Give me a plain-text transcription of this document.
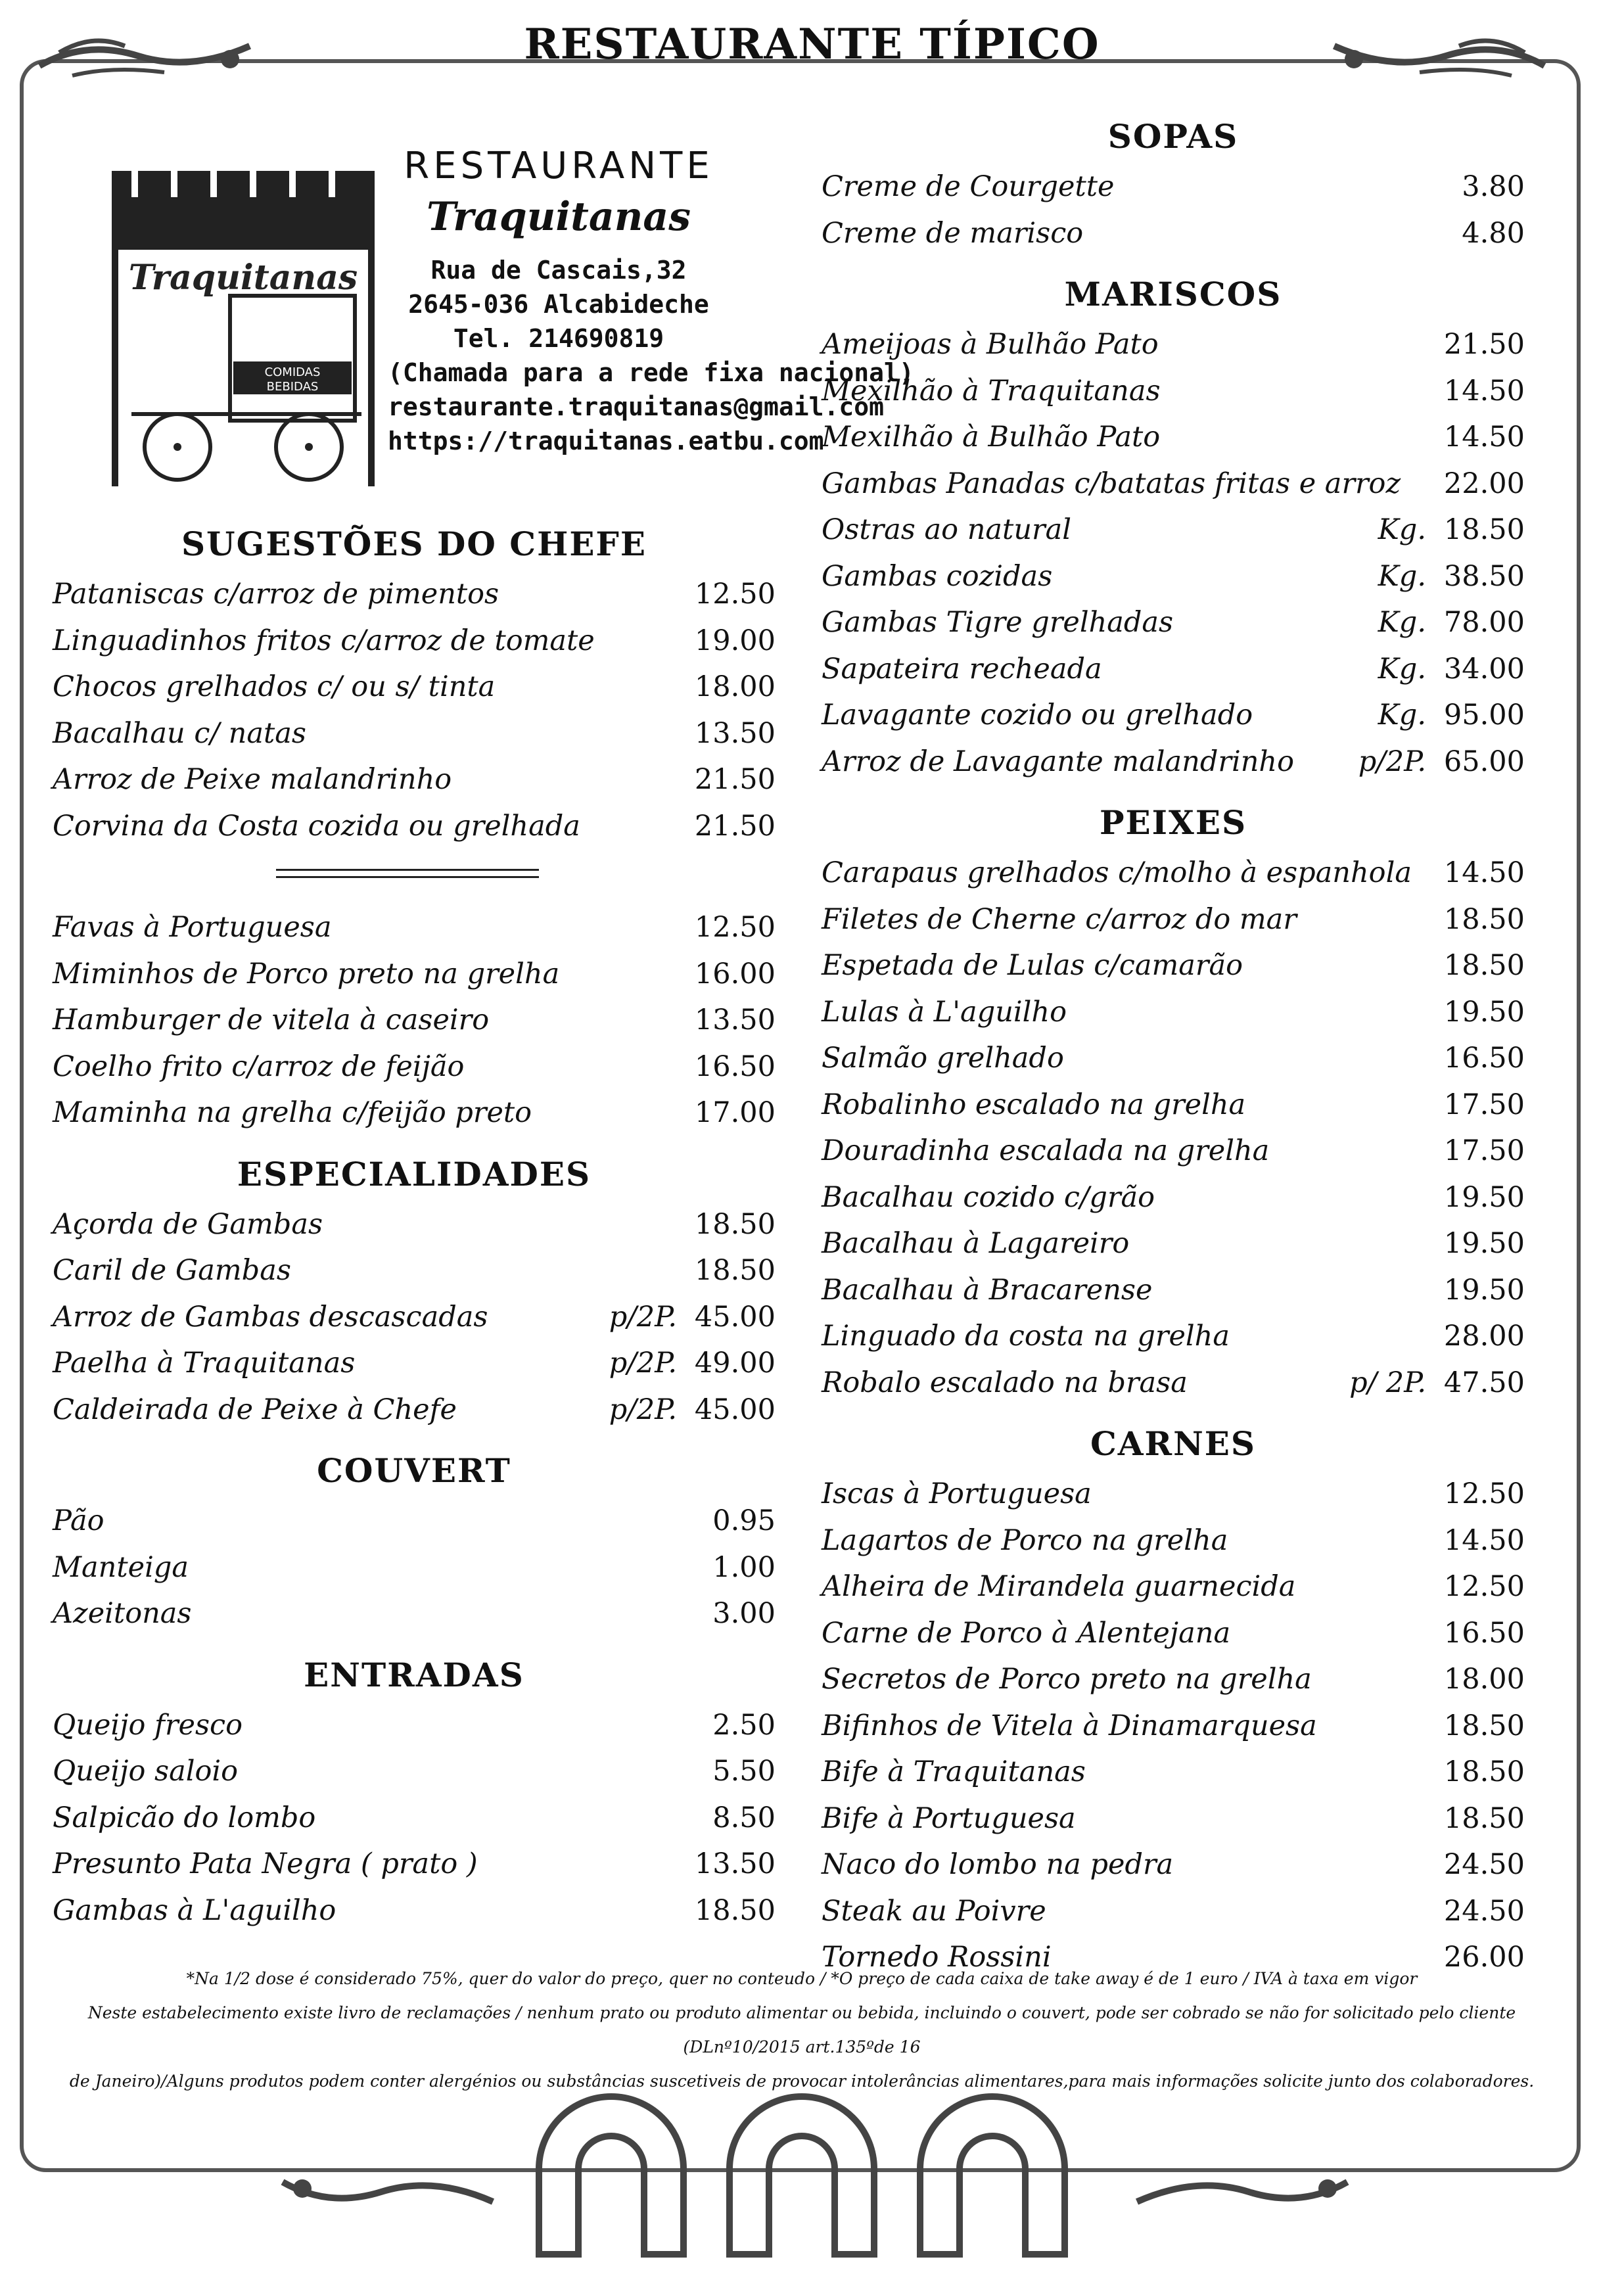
RESTAURANTE TÍPICO
COMIDAS
BEBIDAS
Traquitanas
RESTAURANTE
Traquitanas
Rua de Cascais,32
2645-036 Alcabideche
Tel. 214690819
(Chamada para a rede fixa nacional)
restaurante.traquitanas@gmail.com
https://traquitanas.eatbu.com
SUGESTÕES DO CHEFE
Pataniscas c/arroz de pimentos	12.50
Linguadinhos fritos c/arroz de tomate	19.00
Chocos grelhados c/ ou s/ tinta	18.00
Bacalhau c/ natas	13.50
Arroz de Peixe malandrinho	21.50
Corvina da Costa cozida ou grelhada	21.50
Favas à Portuguesa	12.50
Miminhos de Porco preto na grelha	16.00
Hamburger de vitela à caseiro	13.50
Coelho frito c/arroz de feijão	16.50
Maminha na grelha c/feijão preto	17.00
ESPECIALIDADES
Açorda de Gambas	18.50
Caril de Gambas	18.50
Arroz de Gambas descascadas	p/2P. 45.00
Paelha à Traquitanas	p/2P. 49.00
Caldeirada de Peixe à Chefe	p/2P. 45.00
COUVERT
Pão	0.95
Manteiga	1.00
Azeitonas	3.00
ENTRADAS
Queijo fresco	2.50
Queijo saloio	5.50
Salpicão do lombo	8.50
Presunto Pata Negra ( prato )	13.50
Gambas à L'aguilho	18.50
SOPAS
Creme de Courgette	3.80
Creme de marisco	4.80
MARISCOS
Ameijoas à Bulhão Pato	21.50
Mexilhão à Traquitanas	14.50
Mexilhão à Bulhão Pato	14.50
Gambas Panadas c/batatas fritas e arroz 22.00
Ostras ao natural	Kg. 18.50
Gambas cozidas	Kg. 38.50
Gambas Tigre grelhadas	Kg. 78.00
Sapateira recheada	Kg. 34.00
Lavagante cozido ou grelhado	Kg. 95.00
Arroz de Lavagante malandrinho	p/2P. 65.00
PEIXES
Carapaus grelhados c/molho à espanhola 14.50
Filetes de Cherne c/arroz do mar	18.50
Espetada de Lulas c/camarão	18.50
Lulas à L'aguilho	19.50
Salmão grelhado	16.50
Robalinho escalado na grelha	17.50
Douradinha escalada na grelha	17.50
Bacalhau cozido c/grão	19.50
Bacalhau à Lagareiro	19.50
Bacalhau à Bracarense	19.50
Linguado da costa na grelha	28.00
Robalo escalado na brasa	p/ 2P. 47.50
CARNES
Iscas à Portuguesa	12.50
Lagartos de Porco na grelha	14.50
Alheira de Mirandela guarnecida	12.50
Carne de Porco à Alentejana	16.50
Secretos de Porco preto na grelha	18.00
Bifinhos de Vitela à Dinamarquesa	18.50
Bife à Traquitanas	18.50
Bife à Portuguesa	18.50
Naco do lombo na pedra	24.50
Steak au Poivre	24.50
Tornedo Rossini	26.00
*Na 1/2 dose é considerado 75%, quer do valor do preço, quer no conteudo / *O preço de cada caixa de take away é de 1 euro / IVA à taxa em vigor
Neste estabelecimento existe livro de reclamações / nenhum prato ou produto alimentar ou bebida, incluindo o couvert, pode ser cobrado se não for solicitado pelo cliente (DLnº10/2015 art.135ºde 16
de Janeiro)/Alguns produtos podem conter alergénios ou substâncias suscetiveis de provocar intolerâncias alimentares,para mais informações solicite junto dos colaboradores.
